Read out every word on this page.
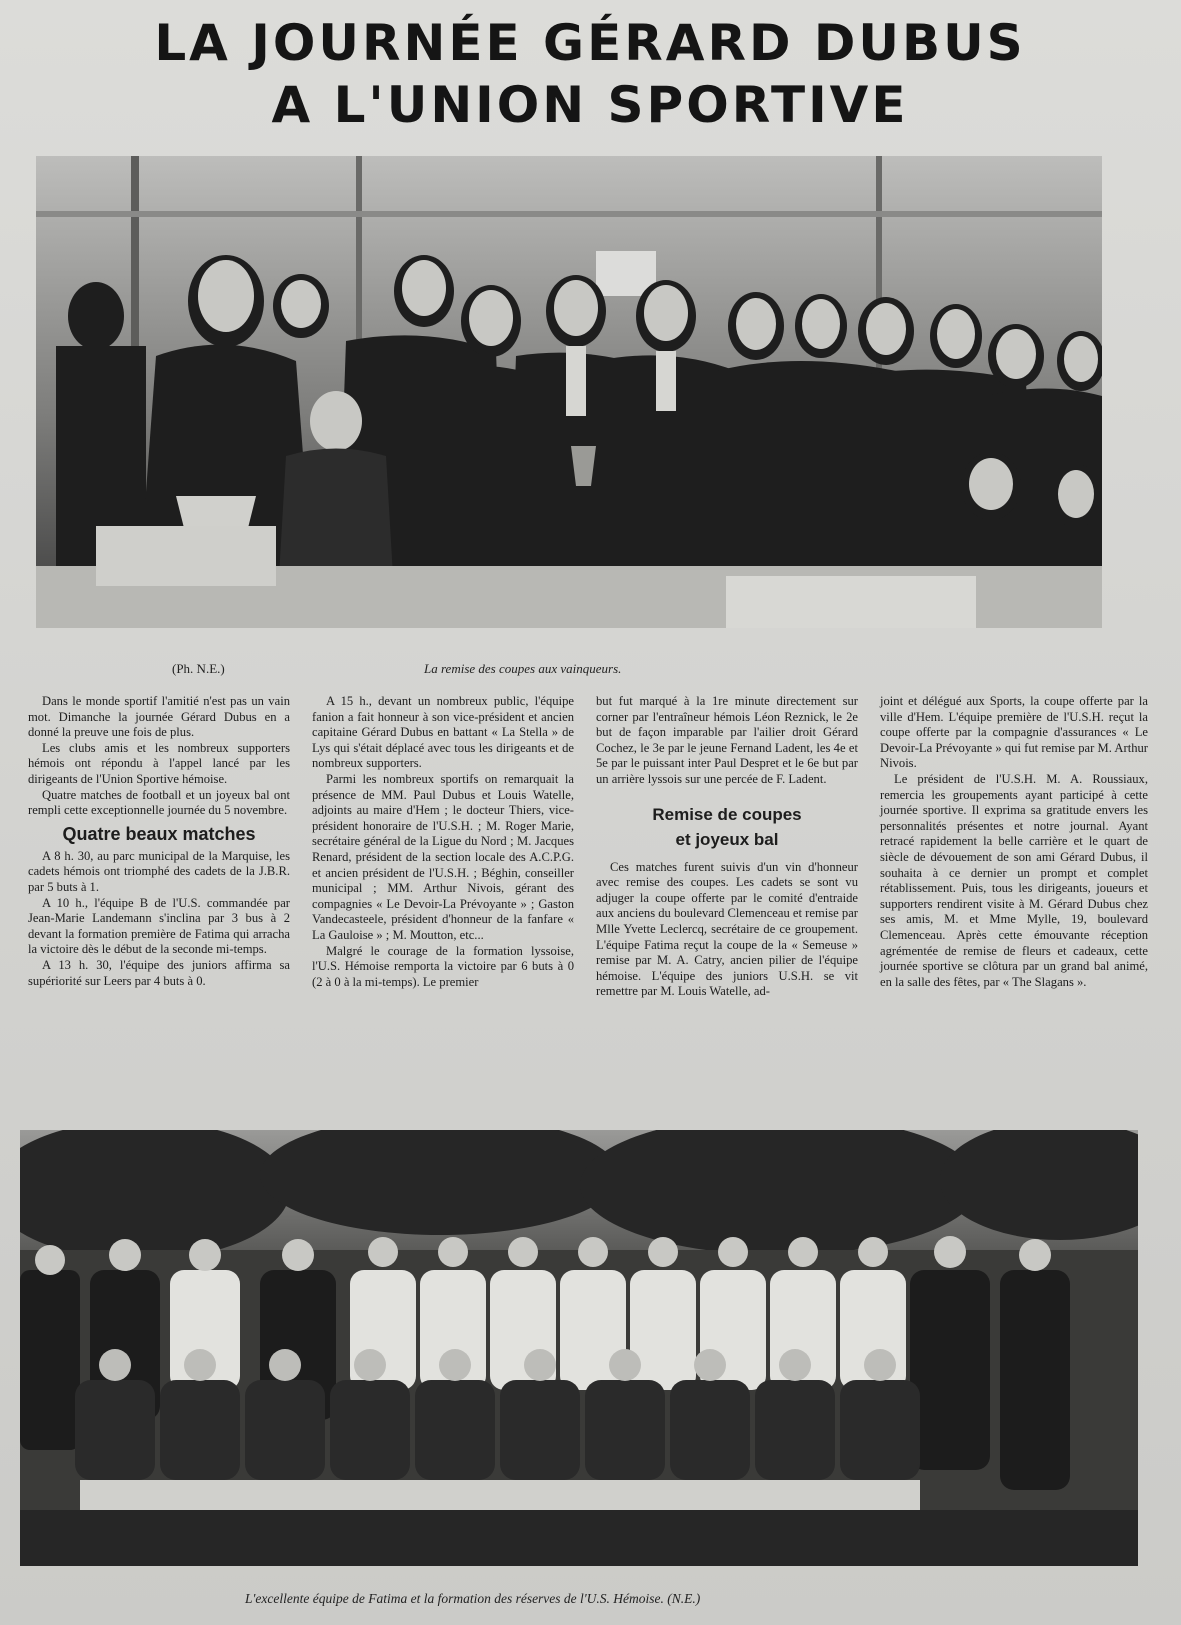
LA JOURNÉE GÉRARD DUBUS
A L'UNION SPORTIVE
(Ph. N.E.)	La remise des coupes aux vainqueurs.

Dans le monde sportif l'amitié n'est pas un vain mot. Dimanche la journée Gérard Dubus en a donné la preuve une fois de plus.

Les clubs amis et les nombreux supporters hémois ont répondu à l'appel lancé par les dirigeants de l'Union Sportive hémoise.

Quatre matches de football et un joyeux bal ont rempli cette exceptionnelle journée du 5 novembre.

Quatre beaux matches

A 8 h. 30, au parc municipal de la Marquise, les cadets hémois ont triomphé des cadets de la J.B.R. par 5 buts à 1.

A 10 h., l'équipe B de l'U.S. commandée par Jean-Marie Landemann s'inclina par 3 bus à 2 devant la formation première de Fatima qui arracha la victoire dès le début de la seconde mi-temps.

A 13 h. 30, l'équipe des juniors affirma sa supériorité sur Leers par 4 buts à 0.

A 15 h., devant un nombreux public, l'équipe fanion a fait honneur à son vice-président et ancien capitaine Gérard Dubus en battant « La Stella » de Lys qui s'était déplacé avec tous les dirigeants et de nombreux supporters.

Parmi les nombreux sportifs on remarquait la présence de MM. Paul Dubus et Louis Watelle, adjoints au maire d'Hem ; le docteur Thiers, vice-président honoraire de l'U.S.H. ; M. Roger Marie, secrétaire général de la Ligue du Nord ; M. Jacques Renard, président de la section locale des A.C.P.G. et ancien président de l'U.S.H. ; Béghin, conseiller municipal ; MM. Arthur Nivois, gérant des compagnies « Le Devoir-La Prévoyante » ; Gaston Vandecasteele, président d'honneur de la fanfare « La Gauloise » ; M. Moutton, etc...

Malgré le courage de la formation lyssoise, l'U.S. Hémoise remporta la victoire par 6 buts à 0 (2 à 0 à la mi-temps). Le premier

but fut marqué à la 1re minute directement sur corner par l'entraîneur hémois Léon Reznick, le 2e but de façon imparable par l'ailier droit Gérard Cochez, le 3e par le jeune Fernand Ladent, les 4e et 5e par le puissant inter Paul Despret et le 6e but par un arrière lyssois sur une percée de F. Ladent.

Remise de coupes
et joyeux bal

Ces matches furent suivis d'un vin d'honneur avec remise des coupes. Les cadets se sont vu adjuger la coupe offerte par le comité d'entraide aux anciens du boulevard Clemenceau et remise par Mlle Yvette Leclercq, secrétaire de ce groupement. L'équipe Fatima reçut la coupe de la « Semeuse » remise par M. A. Catry, ancien pilier de l'équipe hémoise. L'équipe des juniors U.S.H. se vit remettre par M. Louis Watelle, ad-

joint et délégué aux Sports, la coupe offerte par la ville d'Hem. L'équipe première de l'U.S.H. reçut la coupe offerte par la compagnie d'assurances « Le Devoir-La Prévoyante » qui fut remise par M. Arthur Nivois.

Le président de l'U.S.H. M. A. Roussiaux, remercia les groupements ayant participé à cette journée sportive. Il exprima sa gratitude envers les personnalités présentes et notre journal. Ayant retracé rapidement la belle carrière et le quart de siècle de dévouement de son ami Gérard Dubus, il souhaita à ce dernier un prompt et complet rétablissement. Puis, tous les dirigeants, joueurs et supporters rendirent visite à M. Gérard Dubus chez ses amis, M. et Mme Mylle, 19, boulevard Clemenceau. Après cette émouvante réception agrémentée de remise de fleurs et cadeaux, cette journée sportive se clôtura par un grand bal animé, en la salle des fêtes, par « The Slagans ».

L'excellente équipe de Fatima et la formation des réserves de l'U.S. Hémoise. (N.E.)
